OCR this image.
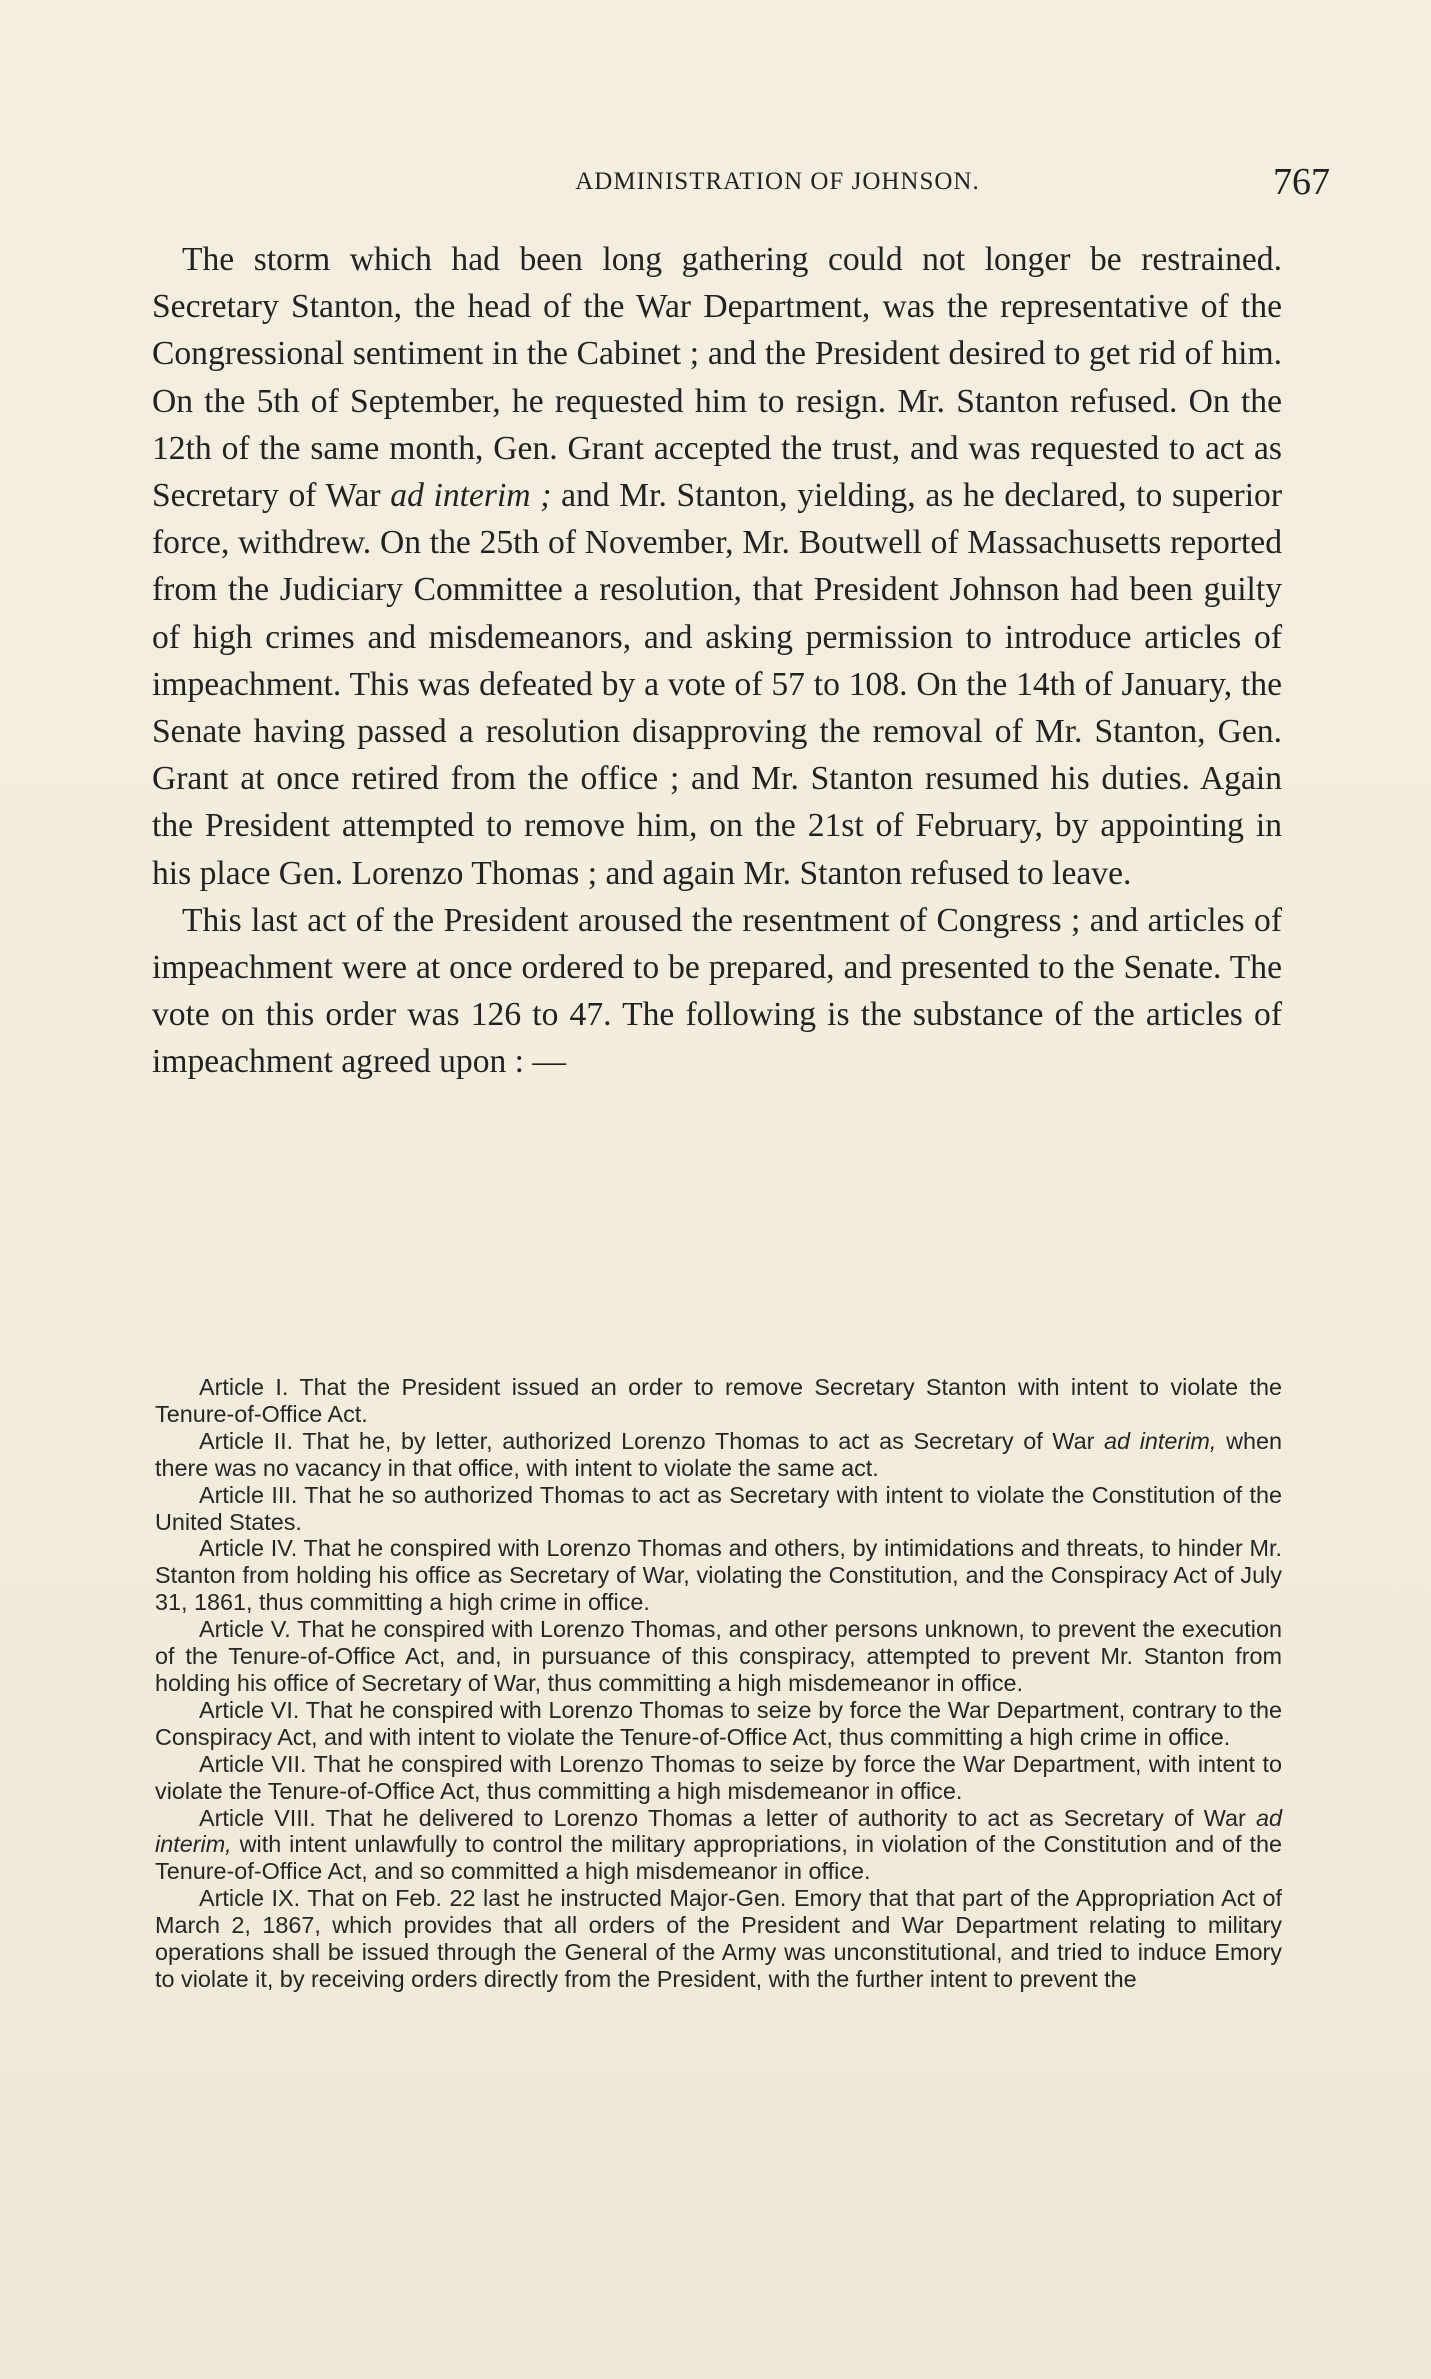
ADMINISTRATION OF JOHNSON.	767

The storm which had been long gathering could not longer be restrained. Secretary Stanton, the head of the War Department, was the representative of the Congressional sentiment in the Cabinet ; and the President desired to get rid of him. On the 5th of September, he requested him to resign. Mr. Stanton refused. On the 12th of the same month, Gen. Grant accepted the trust, and was requested to act as Secretary of War ad interim ; and Mr. Stanton, yielding, as he declared, to superior force, withdrew. On the 25th of November, Mr. Boutwell of Massachusetts reported from the Judiciary Committee a resolution, that President Johnson had been guilty of high crimes and misdemeanors, and asking permission to introduce articles of impeachment. This was defeated by a vote of 57 to 108. On the 14th of January, the Senate having passed a resolution disapproving the removal of Mr. Stanton, Gen. Grant at once retired from the office ; and Mr. Stanton resumed his duties. Again the President attempted to remove him, on the 21st of February, by appointing in his place Gen. Lorenzo Thomas ; and again Mr. Stanton refused to leave.

This last act of the President aroused the resentment of Congress ; and articles of impeachment were at once ordered to be prepared, and presented to the Senate. The vote on this order was 126 to 47. The following is the substance of the articles of impeachment agreed upon : —

Article I. That the President issued an order to remove Secretary Stanton with intent to violate the Tenure-of-Office Act.

Article II. That he, by letter, authorized Lorenzo Thomas to act as Secretary of War ad interim, when there was no vacancy in that office, with intent to violate the same act.

Article III. That he so authorized Thomas to act as Secretary with intent to violate the Constitution of the United States.

Article IV. That he conspired with Lorenzo Thomas and others, by intimidations and threats, to hinder Mr. Stanton from holding his office as Secretary of War, violating the Constitution, and the Conspiracy Act of July 31, 1861, thus committing a high crime in office.

Article V. That he conspired with Lorenzo Thomas, and other persons unknown, to prevent the execution of the Tenure-of-Office Act, and, in pursuance of this conspiracy, attempted to prevent Mr. Stanton from holding his office of Secretary of War, thus committing a high misdemeanor in office.

Article VI. That he conspired with Lorenzo Thomas to seize by force the War Department, contrary to the Conspiracy Act, and with intent to violate the Tenure-of-Office Act, thus committing a high crime in office.

Article VII. That he conspired with Lorenzo Thomas to seize by force the War Department, with intent to violate the Tenure-of-Office Act, thus committing a high misdemeanor in office.

Article VIII. That he delivered to Lorenzo Thomas a letter of authority to act as Secretary of War ad interim, with intent unlawfully to control the military appropriations, in violation of the Constitution and of the Tenure-of-Office Act, and so committed a high misdemeanor in office.

Article IX. That on Feb. 22 last he instructed Major-Gen. Emory that that part of the Appropriation Act of March 2, 1867, which provides that all orders of the President and War Department relating to military operations shall be issued through the General of the Army was unconstitutional, and tried to induce Emory to violate it, by receiving orders directly from the President, with the further intent to prevent the
